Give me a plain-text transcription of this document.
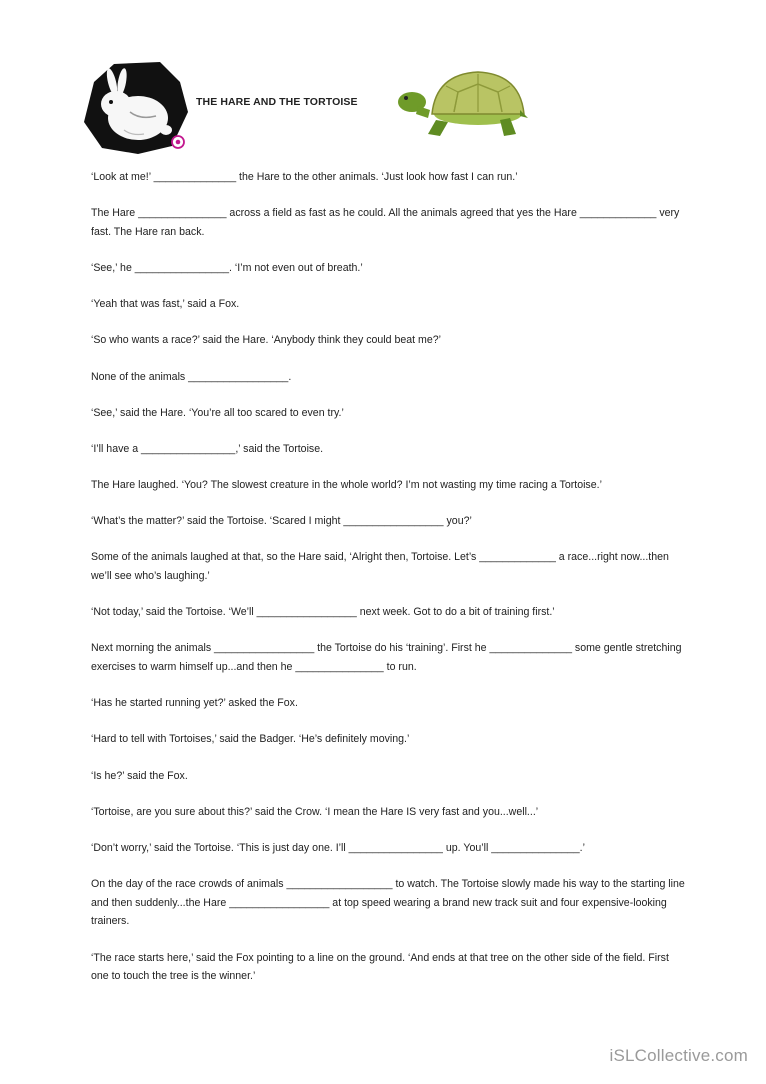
THE HARE AND THE TORTOISE

‘Look at me!’ ______________ the Hare to the other animals. ‘Just look how fast I can run.’

The Hare _______________ across a field as fast as he could. All the animals agreed that yes the Hare _____________ very fast. The Hare ran back.

‘See,’ he ________________. ‘I’m not even out of breath.’

‘Yeah that was fast,’ said a Fox.

‘So who wants a race?’ said the Hare. ‘Anybody think they could beat me?’

None of the animals _________________.

‘See,’ said the Hare. ‘You’re all too scared to even try.’

‘I’ll have a ________________,’ said the Tortoise.

The Hare laughed. ‘You? The slowest creature in the whole world? I’m not wasting my time racing a Tortoise.’

‘What’s the matter?’ said the Tortoise. ‘Scared I might _________________ you?’

Some of the animals laughed at that, so the Hare said, ‘Alright then, Tortoise. Let’s _____________ a race...right now...then we’ll see who’s laughing.’

‘Not today,’ said the Tortoise. ‘We’ll _________________ next week. Got to do a bit of training first.’

Next morning the animals _________________ the Tortoise do his ‘training’. First he ______________ some gentle stretching exercises to warm himself up...and then he _______________ to run.

‘Has he started running yet?’ asked the Fox.

‘Hard to tell with Tortoises,’ said the Badger. ‘He’s definitely moving.’

‘Is he?’ said the Fox.

‘Tortoise, are you sure about this?’ said the Crow. ‘I mean the Hare IS very fast and you...well...’

‘Don’t worry,’ said the Tortoise. ‘This is just day one. I’ll ________________ up. You’ll _______________.’

On the day of the race crowds of animals __________________ to watch. The Tortoise slowly made his way to the starting line and then suddenly...the Hare _________________ at top speed wearing a brand new track suit and four expensive-looking trainers.

‘The race starts here,’ said the Fox pointing to a line on the ground. ‘And ends at that tree on the other side of the field. First one to touch the tree is the winner.’

iSLCollective.com
